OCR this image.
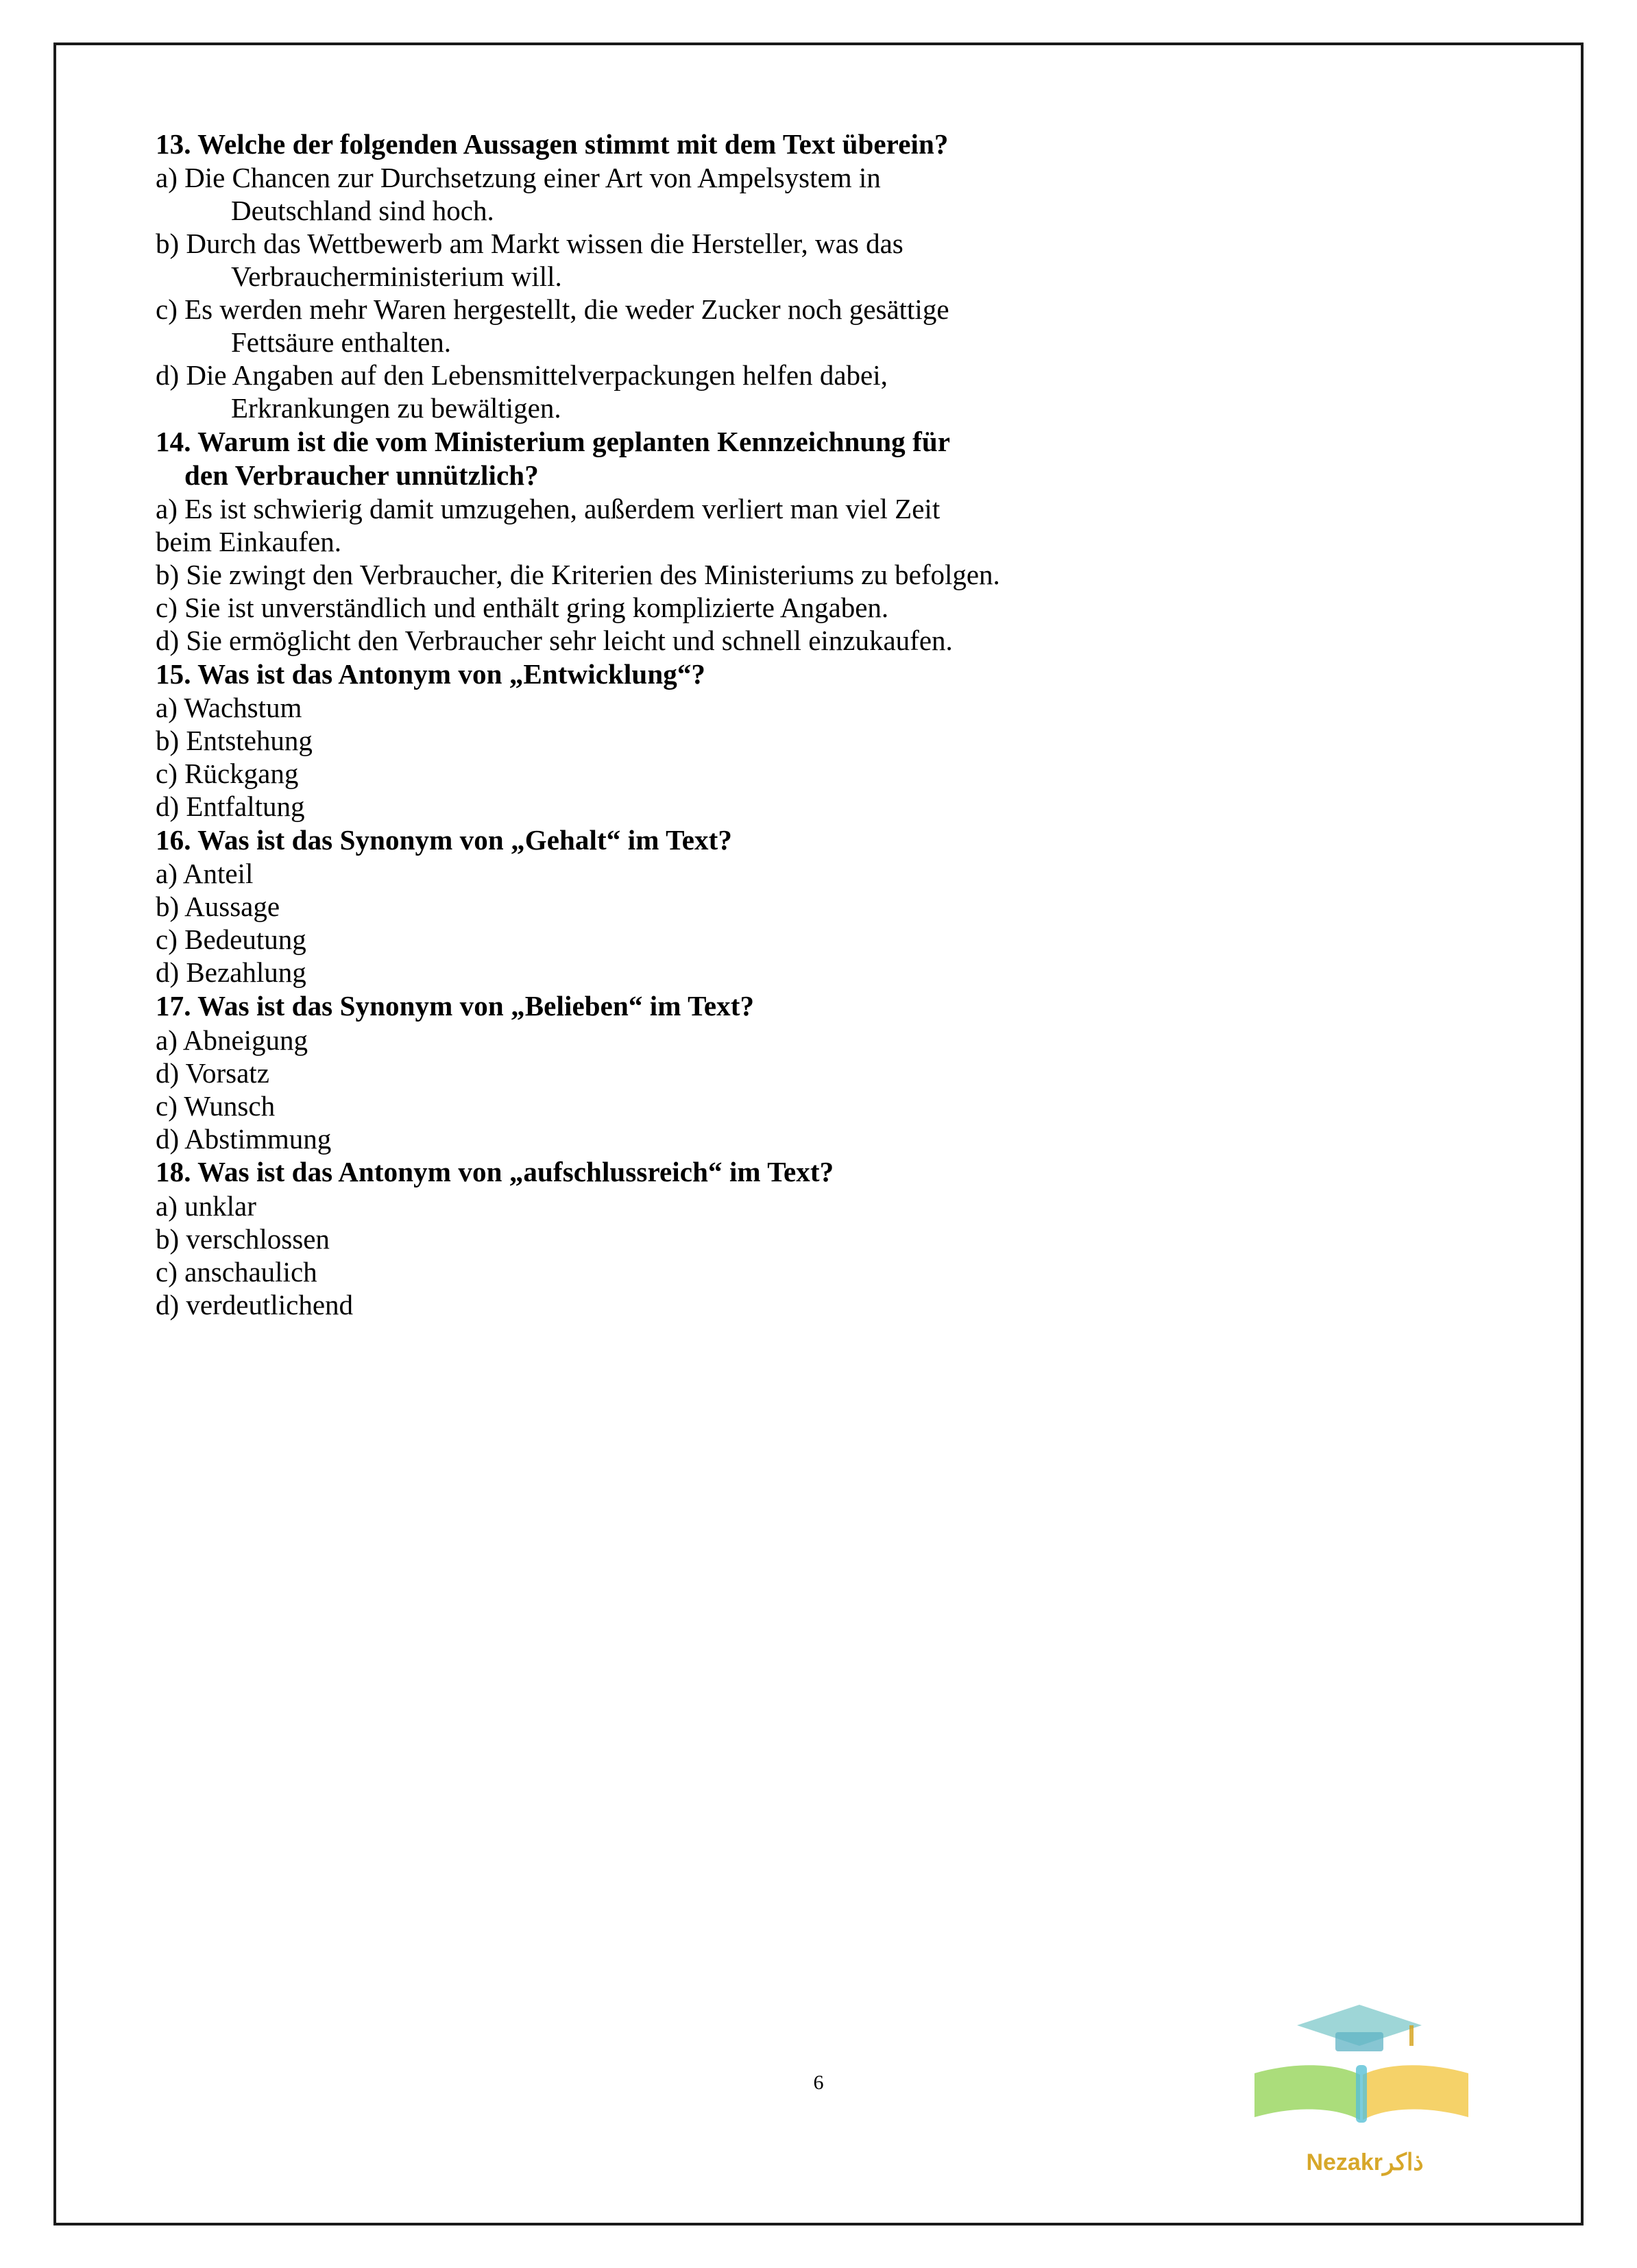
13. Welche der folgenden Aussagen stimmt mit dem Text überein?
a) Die Chancen zur Durchsetzung einer Art von Ampelsystem in
Deutschland sind hoch.
b) Durch das Wettbewerb am Markt wissen die Hersteller, was das
Verbraucherministerium will.
c) Es werden mehr Waren hergestellt, die weder Zucker noch gesättige
Fettsäure enthalten.
d) Die Angaben auf den Lebensmittelverpackungen helfen dabei,
Erkrankungen zu bewältigen.
14. Warum ist die vom Ministerium geplanten Kennzeichnung für
den Verbraucher unnützlich?
a) Es ist schwierig damit umzugehen, außerdem verliert man viel Zeit
beim Einkaufen.
b) Sie zwingt den Verbraucher, die Kriterien des Ministeriums zu befolgen.
c) Sie ist unverständlich und enthält gring komplizierte Angaben.
d) Sie ermöglicht den Verbraucher sehr leicht und schnell einzukaufen.
15. Was ist das Antonym von „Entwicklung“?
a) Wachstum
b) Entstehung
c) Rückgang
d) Entfaltung
16. Was ist das Synonym von „Gehalt“ im Text?
a) Anteil
b) Aussage
c) Bedeutung
d) Bezahlung
17. Was ist das Synonym von „Belieben“ im Text?
a) Abneigung
d) Vorsatz
c) Wunsch
d) Abstimmung
18. Was ist das Antonym von „aufschlussreich“ im Text?
a) unklar
b) verschlossen
c) anschaulich
d) verdeutlichend
6
Nezakrذاکر
